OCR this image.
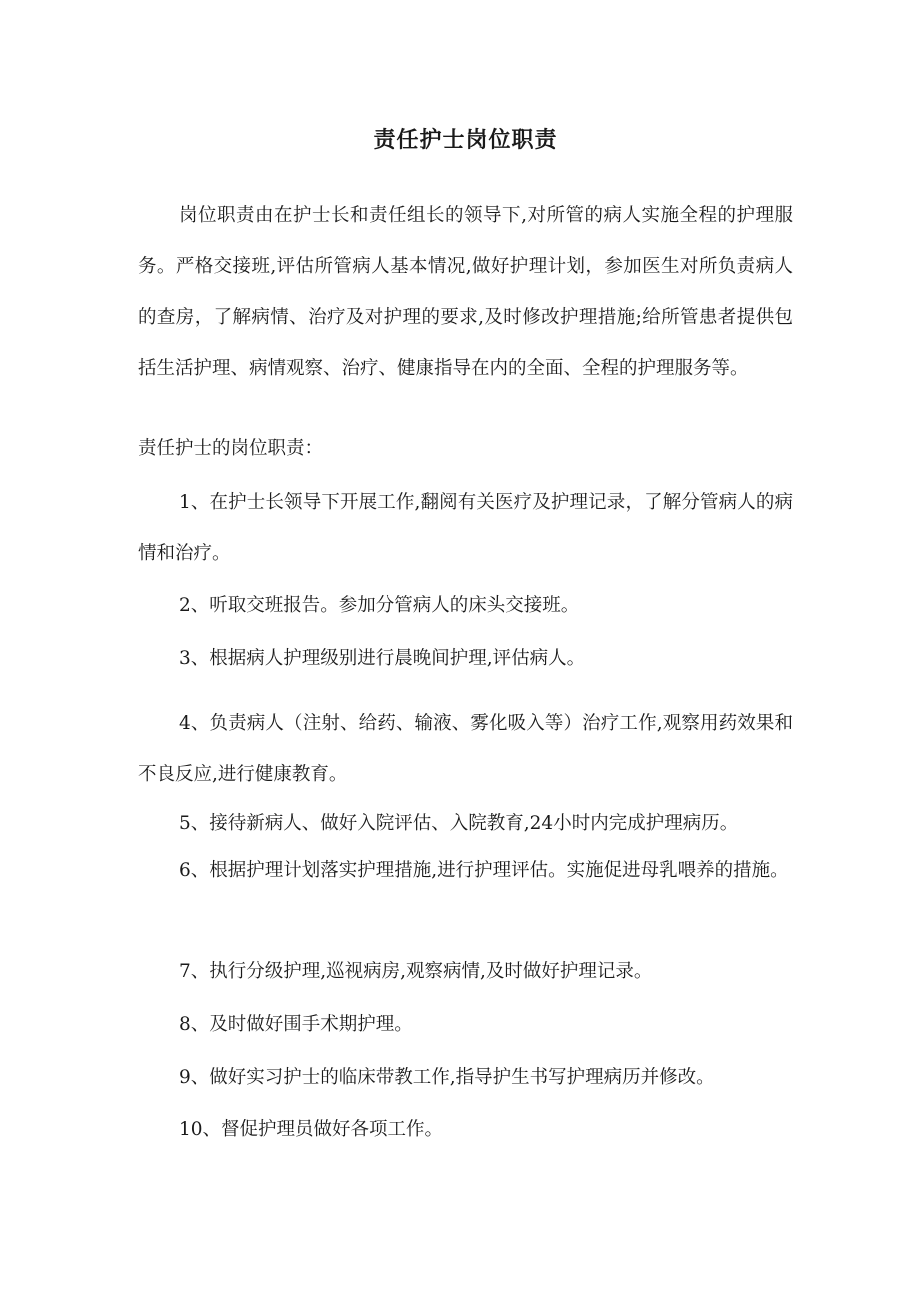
责任护士岗位职责

岗位职责由在护士长和责任组长的领导下,对所管的病人实施全程的护理服务。严格交接班,评估所管病人基本情况,做好护理计划，参加医生对所负责病人的查房，了解病情、治疗及对护理的要求,及时修改护理措施;给所管患者提供包括生活护理、病情观察、治疗、健康指导在内的全面、全程的护理服务等。

责任护士的岗位职责：

1、在护士长领导下开展工作,翻阅有关医疗及护理记录，了解分管病人的病情和治疗。

2、听取交班报告。参加分管病人的床头交接班。

3、根据病人护理级别进行晨晚间护理,评估病人。

4、负责病人（注射、给药、输液、雾化吸入等）治疗工作,观察用药效果和不良反应,进行健康教育。

5、接待新病人、做好入院评估、入院教育,24小时内完成护理病历。

6、根据护理计划落实护理措施,进行护理评估。实施促进母乳喂养的措施。

7、执行分级护理,巡视病房,观察病情,及时做好护理记录。

8、及时做好围手术期护理。

9、做好实习护士的临床带教工作,指导护生书写护理病历并修改。

10、督促护理员做好各项工作。
